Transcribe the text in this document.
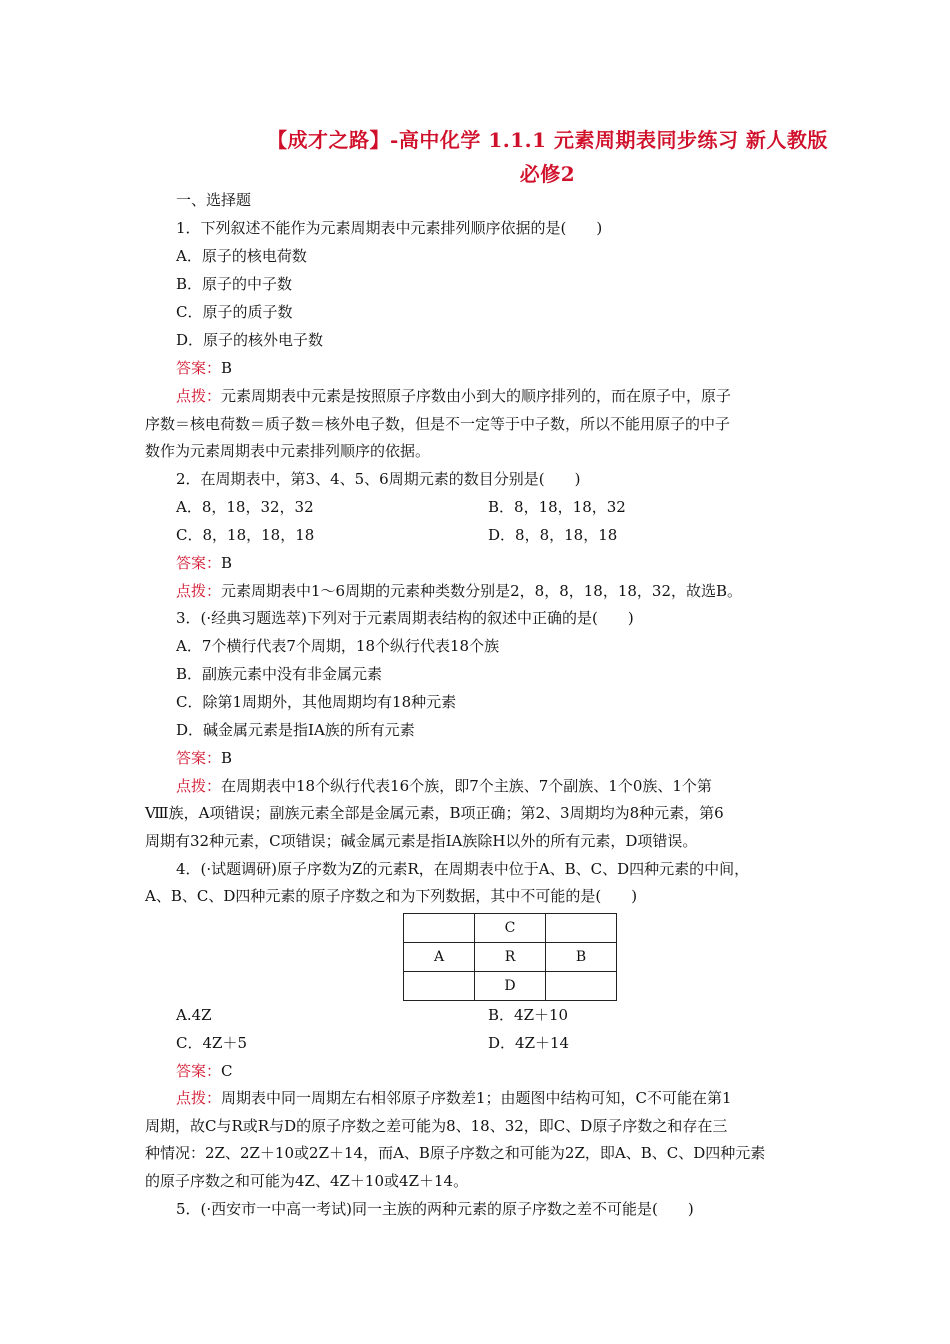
【成才之路】-高中化学 1.1.1 元素周期表同步练习 新人教版
必修2
一、选择题
1．下列叙述不能作为元素周期表中元素排列顺序依据的是(　　)
A．原子的核电荷数
B．原子的中子数
C．原子的质子数
D．原子的核外电子数
答案：B
点拨：元素周期表中元素是按照原子序数由小到大的顺序排列的，而在原子中，原子
序数＝核电荷数＝质子数＝核外电子数，但是不一定等于中子数，所以不能用原子的中子
数作为元素周期表中元素排列顺序的依据。
2．在周期表中，第3、4、5、6周期元素的数目分别是(　　)
A．8，18，32，32	B．8，18，18，32
C．8，18，18，18	D．8，8，18，18
答案：B
点拨：元素周期表中1～6周期的元素种类数分别是2，8，8，18，18，32，故选B。
3．(·经典习题选萃)下列对于元素周期表结构的叙述中正确的是(　　)
A．7个横行代表7个周期，18个纵行代表18个族
B．副族元素中没有非金属元素
C．除第1周期外，其他周期均有18种元素
D．碱金属元素是指ⅠA族的所有元素
答案：B
点拨：在周期表中18个纵行代表16个族，即7个主族、7个副族、1个0族、1个第
Ⅷ族，A项错误；副族元素全部是金属元素，B项正确；第2、3周期均为8种元素，第6
周期有32种元素，C项错误；碱金属元素是指ⅠA族除H以外的所有元素，D项错误。
4．(·试题调研)原子序数为Z的元素R，在周期表中位于A、B、C、D四种元素的中间，
A、B、C、D四种元素的原子序数之和为下列数据，其中不可能的是(　　)
	C	
A	R	B
	D	
A.4Z	B．4Z＋10
C．4Z＋5	D．4Z＋14
答案：C
点拨：周期表中同一周期左右相邻原子序数差1；由题图中结构可知，C不可能在第1
周期，故C与R或R与D的原子序数之差可能为8、18、32，即C、D原子序数之和存在三
种情况：2Z、2Z＋10或2Z＋14，而A、B原子序数之和可能为2Z，即A、B、C、D四种元素
的原子序数之和可能为4Z、4Z＋10或4Z＋14。
5．(·西安市一中高一考试)同一主族的两种元素的原子序数之差不可能是(　　)
